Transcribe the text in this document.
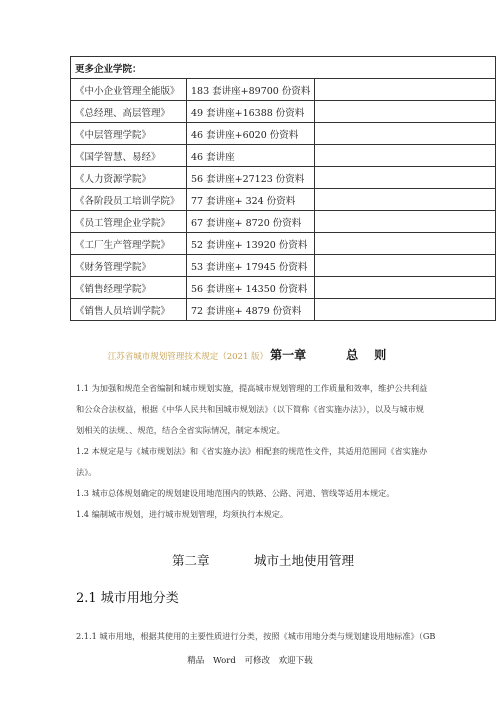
更多企业学院：		
《中小企业管理全能版》	183 套讲座+89700 份资料	
《总经理、高层管理》	49 套讲座+16388 份资料	
《中层管理学院》	46 套讲座+6020 份资料	
《国学智慧、易经》	46 套讲座	
《人力资源学院》	56 套讲座+27123 份资料	
《各阶段员工培训学院》	77 套讲座+ 324 份资料	
《员工管理企业学院》	67 套讲座+ 8720 份资料	
《工厂生产管理学院》	52 套讲座+ 13920 份资料	
《财务管理学院》	53 套讲座+ 17945 份资料	
《销售经理学院》	56 套讲座+ 14350 份资料	
《销售人员培训学院》	72 套讲座+ 4879 份资料	
江苏省城市规划管理技术规定（2021 版） 第一章	总 则
1.1 为加强和规范全省编制和城市规划实施，提高城市规划管理的工作质量和效率，维护公共利益
和公众合法权益，根据《中华人民共和国城市规划法》（以下简称《省实施办法》），以及与城市规
划相关的法规、、规范，结合全省实际情况，制定本规定。
1.2 本规定是与《城市规划法》和《省实施办法》相配套的规范性文件，其适用范围同《省实施办
法》。
1.3 城市总体规划确定的规划建设用地范围内的铁路、公路、河道、管线等适用本规定。
1.4 编制城市规划，进行城市规划管理，均须执行本规定。
第二章	城市土地使用管理
2.1 城市用地分类
2.1.1 城市用地，根据其使用的主要性质进行分类，按照《城市用地分类与规划建设用地标准》（GB
精品 Word 可修改 欢迎下载
